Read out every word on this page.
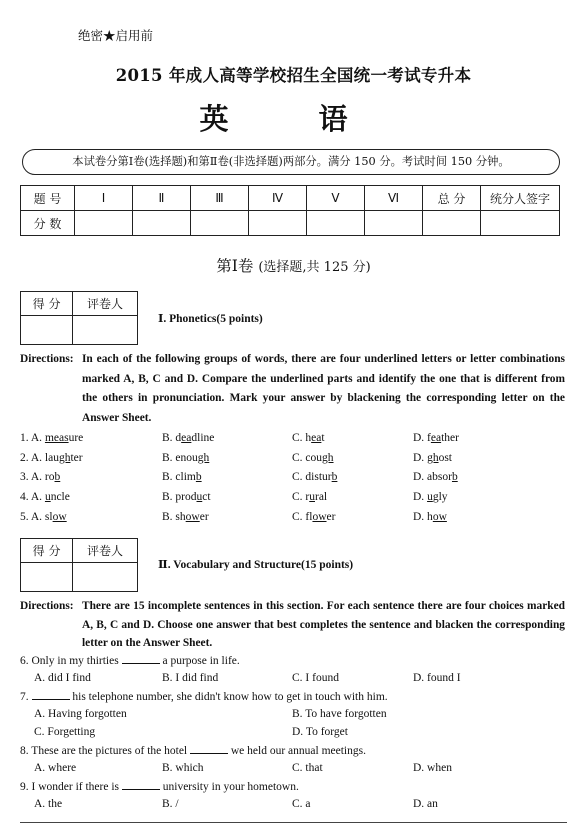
绝密★启用前
2015 年成人高等学校招生全国统一考试专升本
英 语
本试卷分第Ⅰ卷(选择题)和第Ⅱ卷(非选择题)两部分。满分 150 分。考试时间 150 分钟。
题 号	Ⅰ	Ⅱ	Ⅲ	Ⅳ	Ⅴ	Ⅵ	总 分	统分人签字
分 数								
第Ⅰ卷 (选择题,共 125 分)
得 分	评卷人

Ⅰ. Phonetics(5 points)
Directions: In each of the following groups of words, there are four underlined letters or letter combinations marked A, B, C and D. Compare the underlined parts and identify the one that is different from the others in pronunciation. Mark your answer by blackening the corresponding letter on the Answer Sheet.
1. A. measure	B. deadline	C. heat	D. feather
2. A. laughter	B. enough	C. cough	D. ghost
3. A. rob	B. climb	C. disturb	D. absorb
4. A. uncle	B. product	C. rural	D. ugly
5. A. slow	B. shower	C. flower	D. how
得 分	评卷人

Ⅱ. Vocabulary and Structure(15 points)
Directions: There are 15 incomplete sentences in this section. For each sentence there are four choices marked A, B, C and D. Choose one answer that best completes the sentence and blacken the corresponding letter on the Answer Sheet.
6. Only in my thirties	a purpose in life.
A. did I find	B. I did find	C. I found	D. found I
7.	his telephone number, she didn't know how to get in touch with him.
A. Having forgotten	B. To have forgotten
C. Forgetting	D. To forget
8. These are the pictures of the hotel	we held our annual meetings.
A. where	B. which	C. that	D. when
9. I wonder if there is	university in your hometown.
A. the	B. /	C. a	D. an
